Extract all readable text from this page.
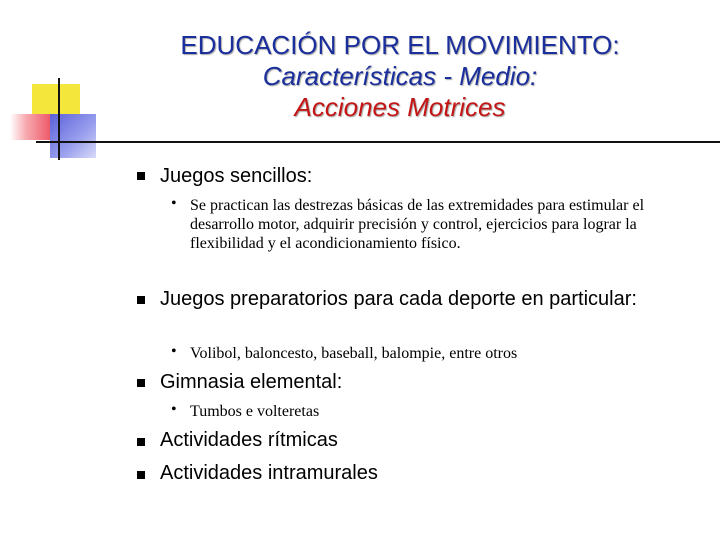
EDUCACIÓN POR EL MOVIMIENTO:
Características - Medio:
Acciones Motrices
Juegos sencillos:
• Se practican las destrezas básicas de las extremidades para estimular el desarrollo motor, adquirir precisión y control, ejercicios para lograr la flexibilidad y el acondicionamiento físico.
Juegos preparatorios para cada deporte en particular:
• Volibol, baloncesto, baseball, balompie, entre otros
Gimnasia elemental:
• Tumbos e volteretas
Actividades rítmicas
Actividades intramurales
